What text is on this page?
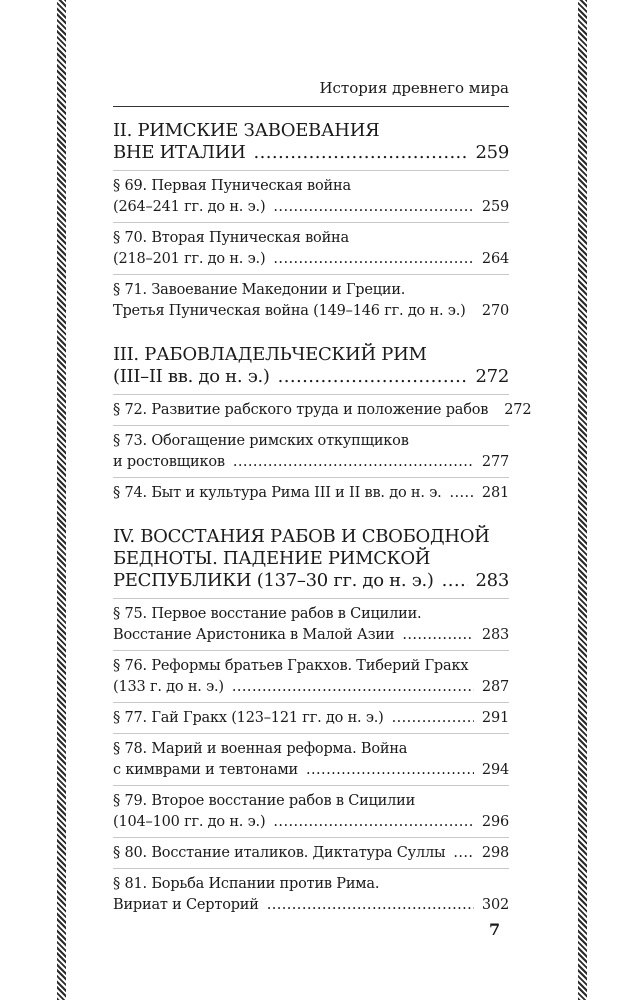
История древнего мира
II. РИМСКИЕ ЗАВОЕВАНИЯ
ВНЕ ИТАЛИИ .....	259
§ 69. Первая Пуническая война
(264–241 гг. до н. э.) .....	259
§ 70. Вторая Пуническая война
(218–201 гг. до н. э.) .....	264
§ 71. Завоевание Македонии и Греции.
Третья Пуническая война (149–146 гг. до н. э.) ..... 270
III. РАБОВЛАДЕЛЬЧЕСКИЙ РИМ
(III–II вв. до н. э.) .....	272
§ 72. Развитие рабского труда и положение рабов 272
§ 73. Обогащение римских откупщиков
и ростовщиков .....	277
§ 74. Быт и культура Рима III и II вв. до н. э. .....	281
IV. ВОССТАНИЯ РАБОВ И СВОБОДНОЙ
БЕДНОТЫ. ПАДЕНИЕ РИМСКОЙ
РЕСПУБЛИКИ (137–30 гг. до н. э.) ..... 283
§ 75. Первое восстание рабов в Сицилии.
Восстание Аристоника в Малой Азии .....	283
§ 76. Реформы братьев Гракхов. Тиберий Гракх
(133 г. до н. э.) .....	287
§ 77. Гай Гракх (123–121 гг. до н. э.) .....	291
§ 78. Марий и военная реформа. Война
с кимврами и тевтонами .....	294
§ 79. Второе восстание рабов в Сицилии
(104–100 гг. до н. э.) .....	296
§ 80. Восстание италиков. Диктатура Суллы .....	298
§ 81. Борьба Испании против Рима.
Вириат и Серторий .....	302
7
